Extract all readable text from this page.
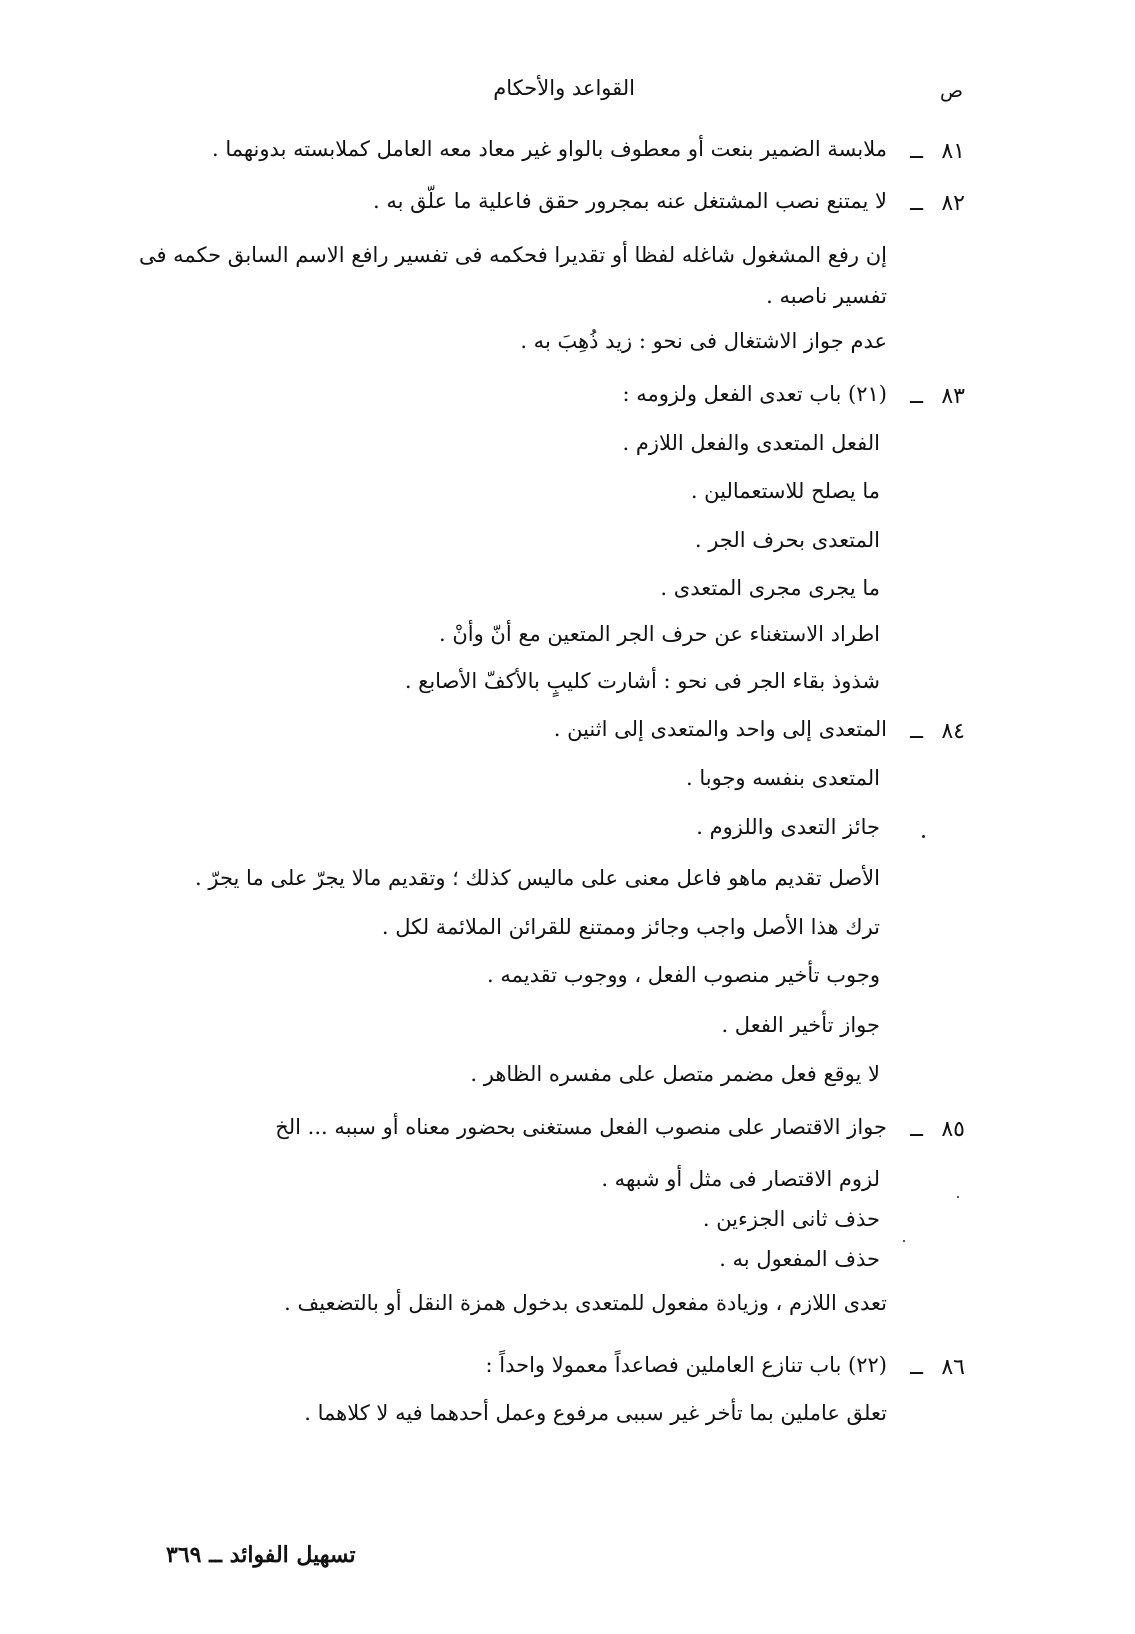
ص
القواعد والأحكام
٨١
ــ
ملابسة الضمير بنعت أو معطوف بالواو غير معاد معه العامل كملابسته بدونهما .
٨٢
ــ
لا يمتنع نصب المشتغل عنه بمجرور حقق فاعلية ما علّق به .
إن رفع المشغول شاغله لفظا أو تقديرا فحكمه فى تفسير رافع الاسم السابق حكمه فى
تفسير ناصبه .
عدم جواز الاشتغال فى نحو : زيد ذُهِبَ به .
٨٣
ــ
(٢١) باب تعدى الفعل ولزومه :
الفعل المتعدى والفعل اللازم .
ما يصلح للاستعمالين .
المتعدى بحرف الجر .
ما يجرى مجرى المتعدى .
اطراد الاستغناء عن حرف الجر المتعين مع أنّ وأنْ .
شذوذ بقاء الجر فى نحو : أشارت كليبٍ بالأكفّ الأصابع .
٨٤
ــ
المتعدى إلى واحد والمتعدى إلى اثنين .
المتعدى بنفسه وجوبا .
جائز التعدى واللزوم .
الأصل تقديم ماهو فاعل معنى على ماليس كذلك ؛ وتقديم مالا يجرّ على ما يجرّ .
ترك هذا الأصل واجب وجائز وممتنع للقرائن الملائمة لكل .
وجوب تأخير منصوب الفعل ، ووجوب تقديمه .
جواز تأخير الفعل .
لا يوقع فعل مضمر متصل على مفسره الظاهر .
٨٥
ــ
جواز الاقتصار على منصوب الفعل مستغنى بحضور معناه أو سببه ... الخ
لزوم الاقتصار فى مثل أو شبهه .
حذف ثانى الجزءين .
حذف المفعول به .
تعدى اللازم ، وزيادة مفعول للمتعدى بدخول همزة النقل أو بالتضعيف .
٨٦
ــ
(٢٢) باب تنازع العاملين فصاعداً معمولا واحداً :
تعلق عاملين بما تأخر غير سببى مرفوع وعمل أحدهما فيه لا كلاهما .
تسهيل الفوائد ــ ٣٦٩
